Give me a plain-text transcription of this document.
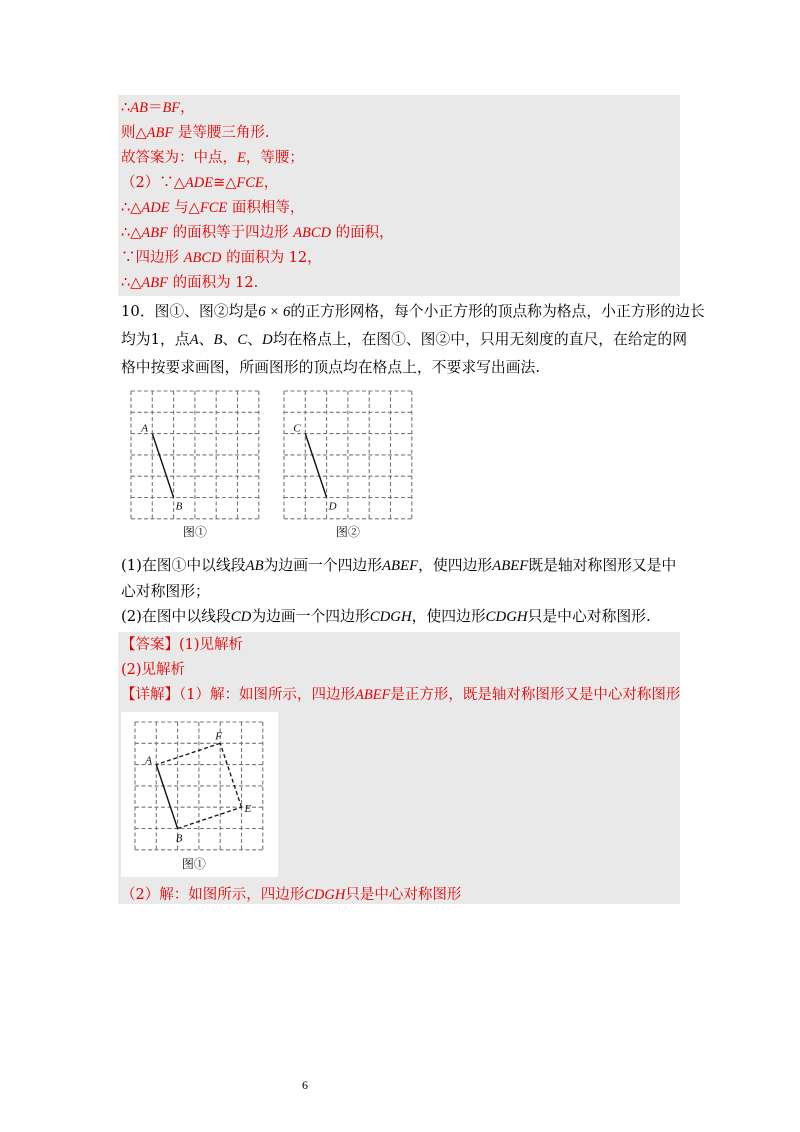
∴AB＝BF，
则△ABF 是等腰三角形.
故答案为：中点，E，等腰；
（2）∵△ADE≅△FCE，
∴△ADE 与△FCE 面积相等，
∴△ABF 的面积等于四边形 ABCD 的面积，
∵四边形 ABCD 的面积为 12，
∴△ABF 的面积为 12.
10．图①、图②均是6 × 6的正方形网格，每个小正方形的顶点称为格点，小正方形的边长
均为1，点A、B、C、D均在格点上，在图①、图②中，只用无刻度的直尺，在给定的网
格中按要求画图，所画图形的顶点均在格点上，不要求写出画法.
A
B
图①
C
D
图②
(1)在图①中以线段AB为边画一个四边形ABEF，使四边形ABEF既是轴对称图形又是中
心对称图形；
(2)在图中以线段CD为边画一个四边形CDGH，使四边形CDGH只是中心对称图形.
【答案】(1)见解析
(2)见解析
【详解】（1）解：如图所示，四边形ABEF是正方形，既是轴对称图形又是中心对称图形
A
B
E
F
图①
（2）解：如图所示，四边形CDGH只是中心对称图形
6
